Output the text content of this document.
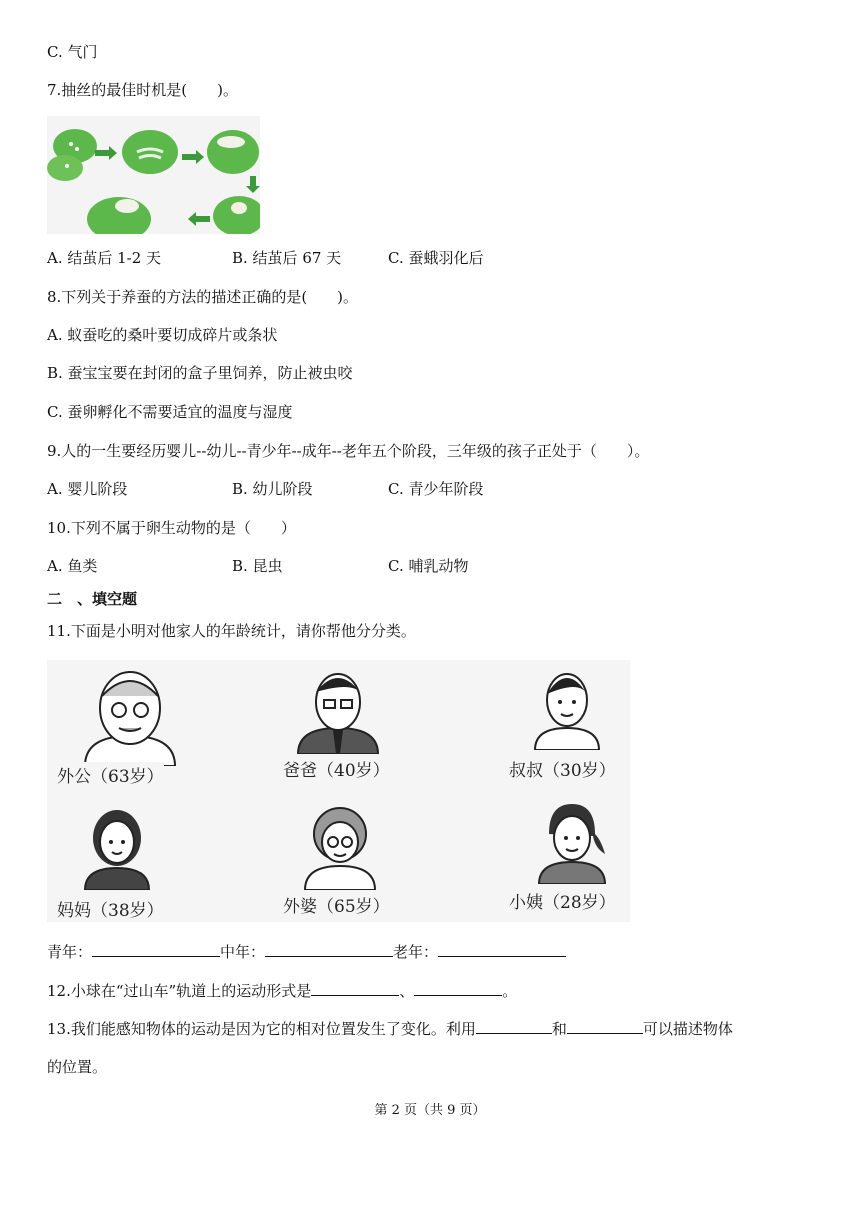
C. 气门
7.抽丝的最佳时机是(　　)。
A. 结茧后 1-2 天	B. 结茧后 67 天	C. 蚕蛾羽化后
8.下列关于养蚕的方法的描述正确的是(　　)。
A. 蚁蚕吃的桑叶要切成碎片或条状
B. 蚕宝宝要在封闭的盒子里饲养，防止被虫咬
C. 蚕卵孵化不需要适宜的温度与湿度
9.人的一生要经历婴儿--幼儿--青少年--成年--老年五个阶段，三年级的孩子正处于（　　）。
A. 婴儿阶段	B. 幼儿阶段	C. 青少年阶段
10.下列不属于卵生动物的是（　　）
A. 鱼类	B. 昆虫	C. 哺乳动物
二　、填空题
11.下面是小明对他家人的年龄统计，请你帮他分分类。
外公（63岁）	爸爸（40岁）	叔叔（30岁）
妈妈（38岁）	外婆（65岁）	小姨（28岁）
青年：	中年：	老年：
12.小球在“过山车”轨道上的运动形式是	、	。
13.我们能感知物体的运动是因为它的相对位置发生了变化。利用	和	可以描述物体
的位置。
第 2 页（共 9 页）
